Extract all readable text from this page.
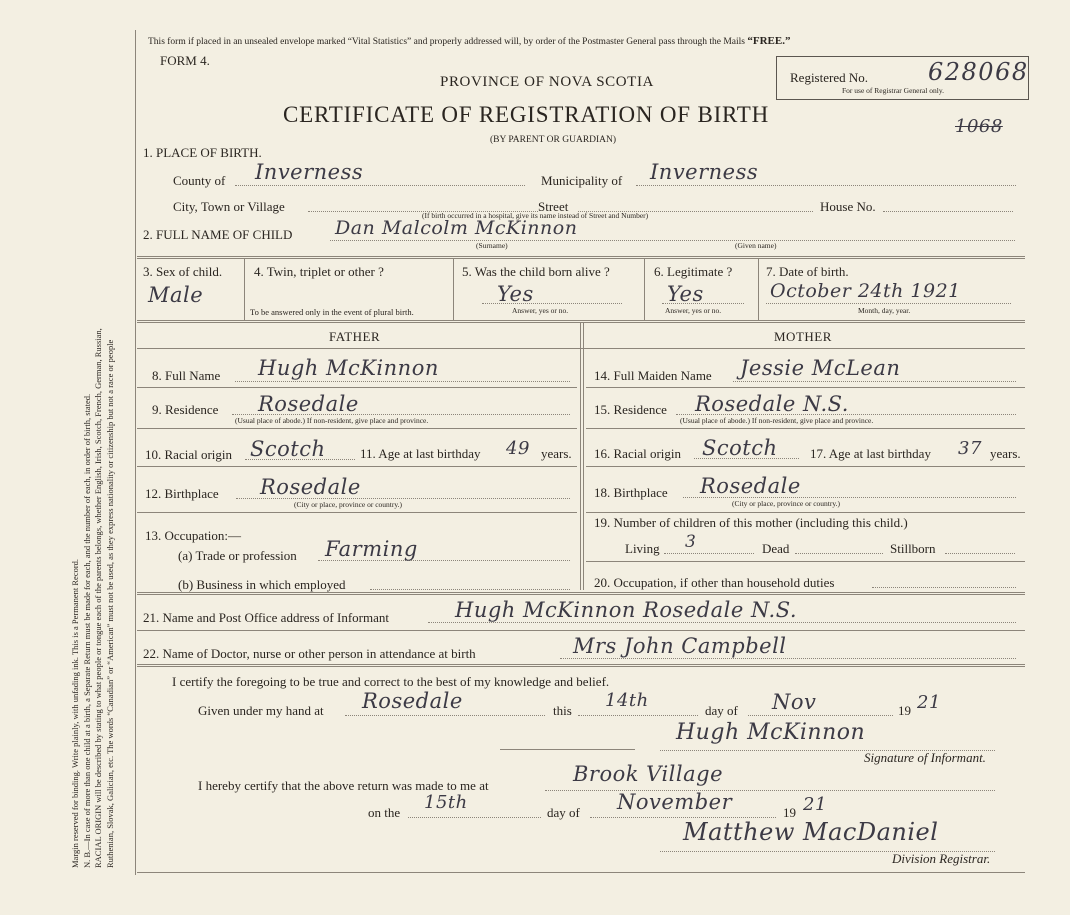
Margin reserved for binding. Write plainly, with unfading ink. This is a Permanent Record. N. B.—In case of more than one child at a birth, a Separate Return must be made for each, and the number of each, in order of birth, stated. RACIAL ORIGIN will be described by stating to what people or tongue each of the parents belongs, whether English, Irish, Scotch, French, German, Russian, Ruthenian, Slovak, Galician, etc. The words “Canadian” or “American” must not be used, as they express nationality or citizenship but not a race or people
This form if placed in an unsealed envelope marked “Vital Statistics” and properly addressed will, by order of the Postmaster General pass through the Mails “FREE.”
FORM 4.
PROVINCE OF NOVA SCOTIA
CERTIFICATE OF REGISTRATION OF BIRTH
(BY PARENT OR GUARDIAN)
Registered No.	628068
For use of Registrar General only.
1068
1. PLACE OF BIRTH.
County of Inverness	Municipality of Inverness
City, Town or Village	Street	House No.
(If birth occurred in a hospital, give its name instead of Street and Number)
2. FULL NAME OF CHILD Dan Malcolm McKinnon
(Surname)	(Given name)
3. Sex of child.
Male
4. Twin, triplet or other ?
To be answered only in the event of plural birth.
5. Was the child born alive ?
Yes
Answer, yes or no.
6. Legitimate ?
Yes
Answer, yes or no.
7. Date of birth.
October 24th 1921
Month, day, year.
FATHER	MOTHER
8. Full Name Hugh McKinnon
9. Residence Rosedale
(Usual place of abode.) If non-resident, give place and province.
10. Racial origin Scotch	11. Age at last birthday 49 years.
12. Birthplace Rosedale
(City or place, province or country.)
13. Occupation:—
(a) Trade or profession Farming
(b) Business in which employed
14. Full Maiden Name Jessie McLean
15. Residence Rosedale N.S.
(Usual place of abode.) If non-resident, give place and province.
16. Racial origin Scotch 17. Age at last birthday 37 years.
18. Birthplace Rosedale
(City or place, province or country.)
19. Number of children of this mother (including this child.)
Living 3	Dead	Stillborn
20. Occupation, if other than household duties
21. Name and Post Office address of Informant	Hugh McKinnon Rosedale N.S.
22. Name of Doctor, nurse or other person in attendance at birth	Mrs John Campbell
I certify the foregoing to be true and correct to the best of my knowledge and belief.
Given under my hand at Rosedale	this 14th	day of Nov	19 21
Hugh McKinnon
Signature of Informant.
I hereby certify that the above return was made to me at	Brook Village
on the 15th	day of November	19 21
Matthew MacDaniel
Division Registrar.
